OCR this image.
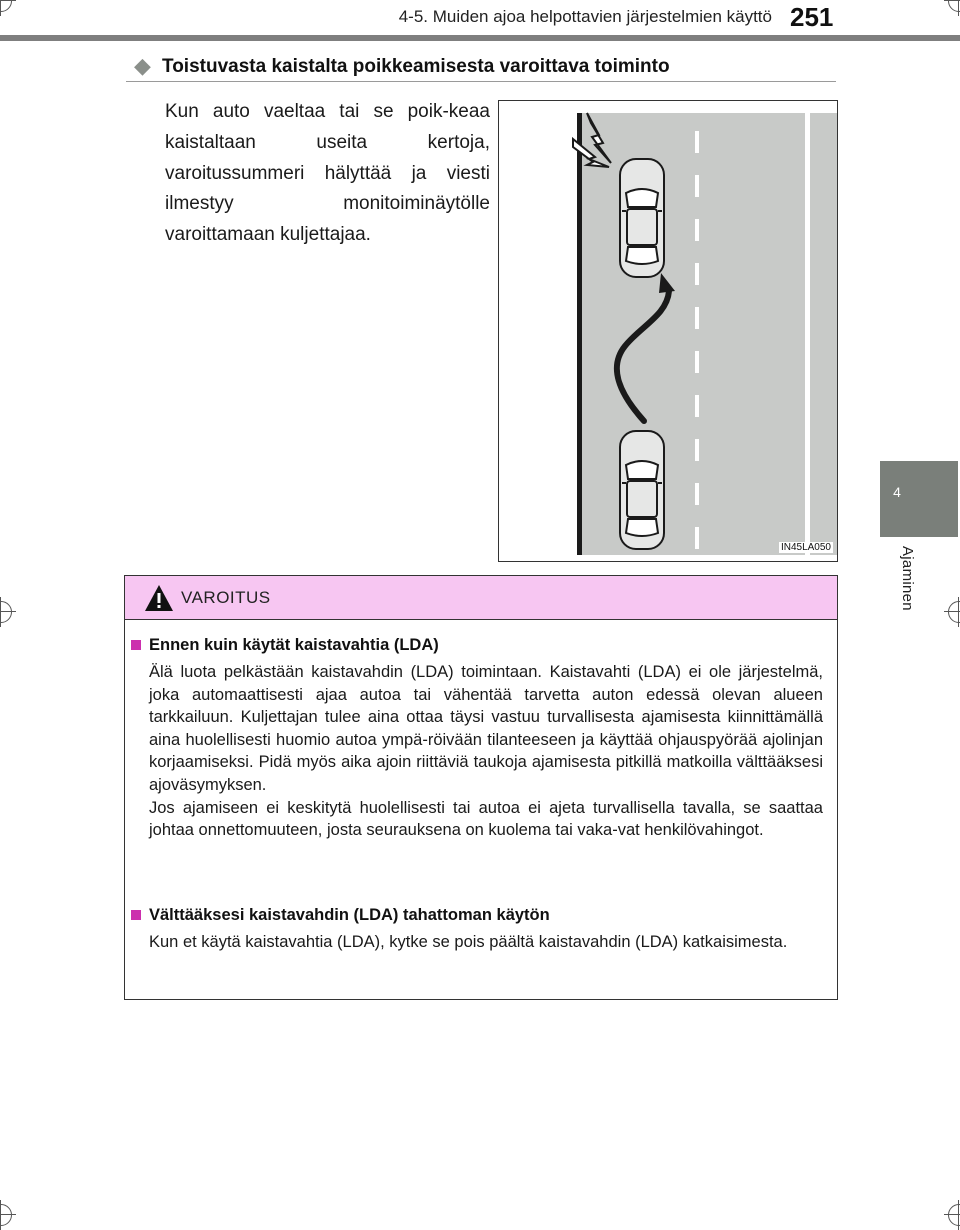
4-5. Muiden ajoa helpottavien järjestelmien käyttö 251
4
Ajaminen
◆ Toistuvasta kaistalta poikkeamisesta varoittava toiminto
Kun auto vaeltaa tai se poik-keaa kaistaltaan useita kertoja, varoitussummeri hälyttää ja viesti ilmestyy monitoiminäytölle varoittamaan kuljettajaa.
IN45LA050
VAROITUS
Ennen kuin käytät kaistavahtia (LDA)
Älä luota pelkästään kaistavahdin (LDA) toimintaan. Kaistavahti (LDA) ei ole järjestelmä, joka automaattisesti ajaa autoa tai vähentää tarvetta auton edessä olevan alueen tarkkailuun. Kuljettajan tulee aina ottaa täysi vastuu turvallisesta ajamisesta kiinnittämällä aina huolellisesti huomio autoa ympä-röivään tilanteeseen ja käyttää ohjauspyörää ajolinjan korjaamiseksi. Pidä myös aika ajoin riittäviä taukoja ajamisesta pitkillä matkoilla välttääksesi ajoväsymyksen.
Jos ajamiseen ei keskitytä huolellisesti tai autoa ei ajeta turvallisella tavalla, se saattaa johtaa onnettomuuteen, josta seurauksena on kuolema tai vaka-vat henkilövahingot.
Välttääksesi kaistavahdin (LDA) tahattoman käytön
Kun et käytä kaistavahtia (LDA), kytke se pois päältä kaistavahdin (LDA) katkaisimesta.
